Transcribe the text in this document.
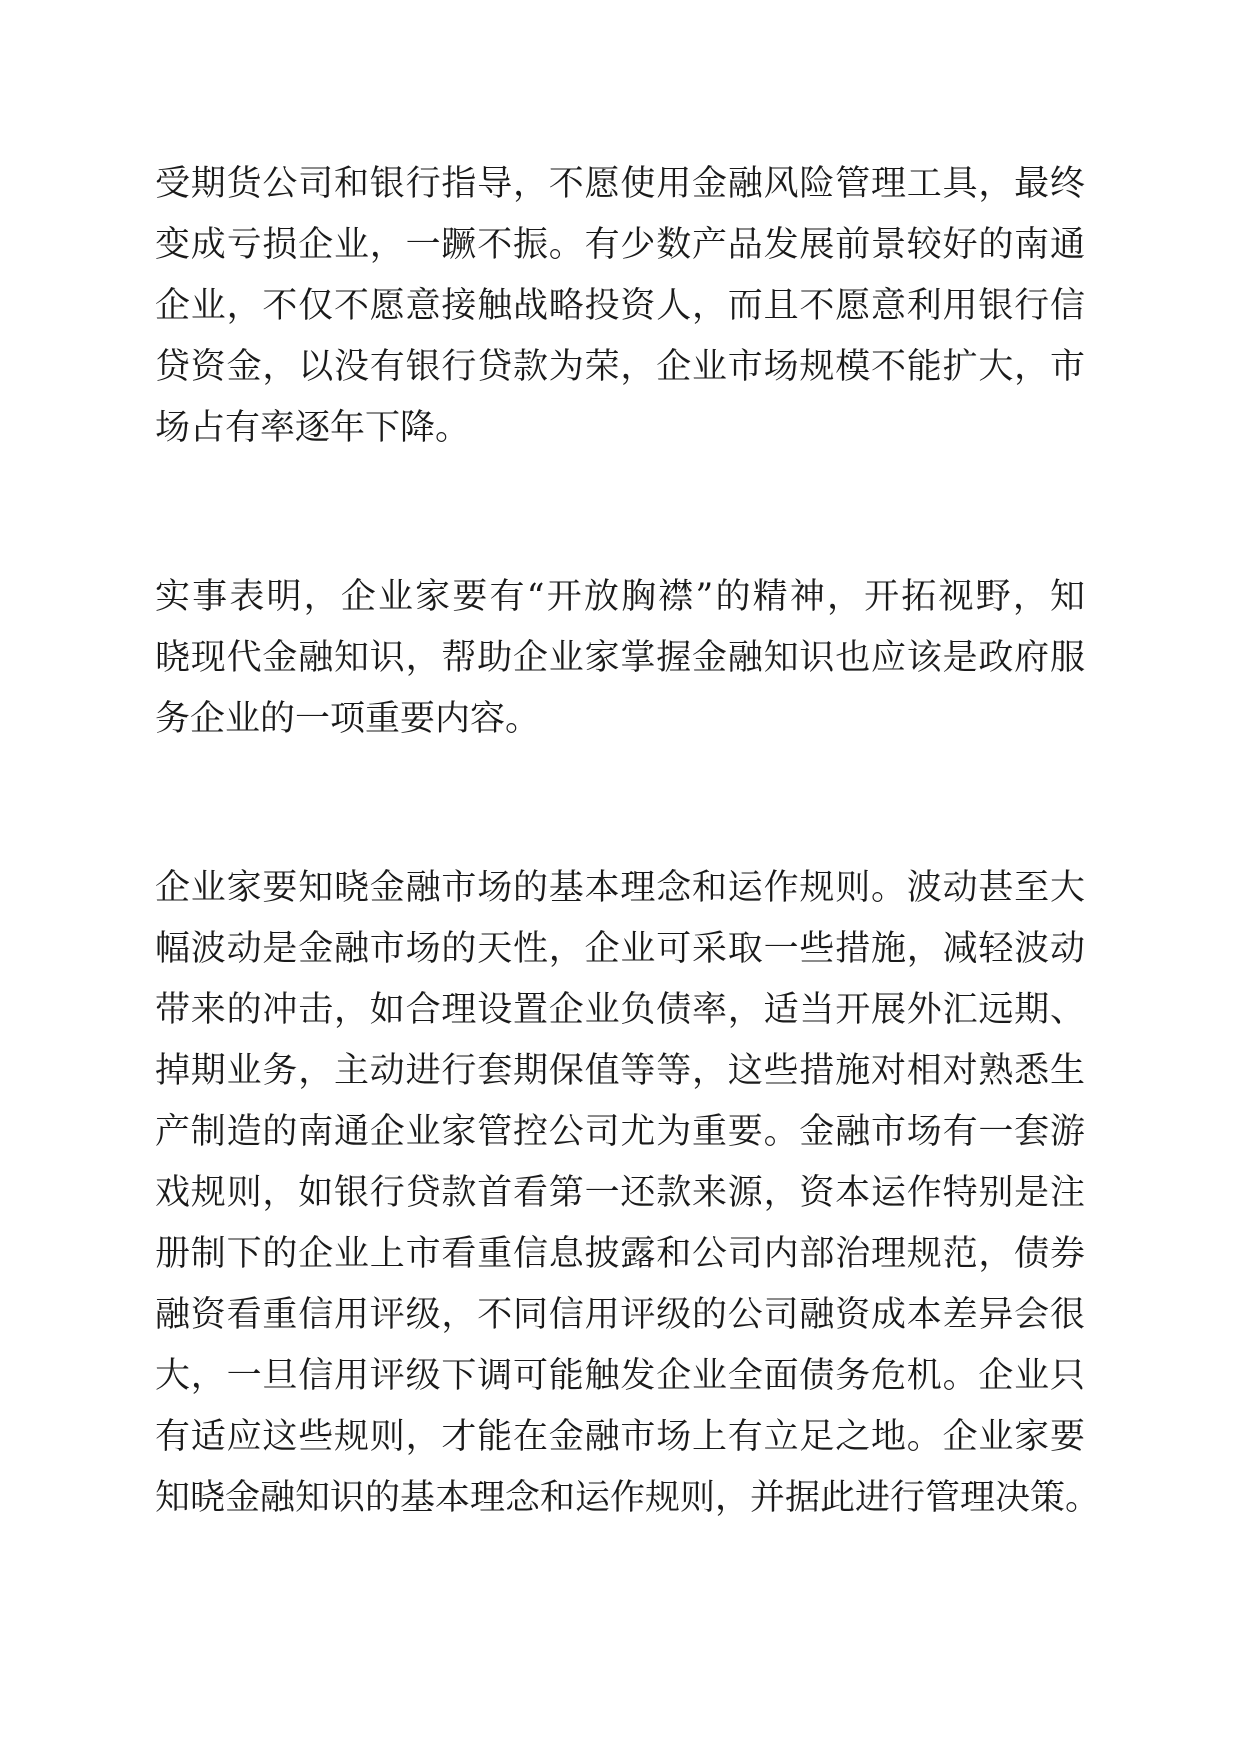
受期货公司和银行指导，不愿使用金融风险管理工具，最终
变成亏损企业，一蹶不振。有少数产品发展前景较好的南通
企业，不仅不愿意接触战略投资人，而且不愿意利用银行信
贷资金，以没有银行贷款为荣，企业市场规模不能扩大，市
场占有率逐年下降。
实事表明，企业家要有“开放胸襟”的精神，开拓视野，知
晓现代金融知识，帮助企业家掌握金融知识也应该是政府服
务企业的一项重要内容。
企业家要知晓金融市场的基本理念和运作规则。波动甚至大
幅波动是金融市场的天性，企业可采取一些措施，减轻波动
带来的冲击，如合理设置企业负债率，适当开展外汇远期、
掉期业务，主动进行套期保值等等，这些措施对相对熟悉生
产制造的南通企业家管控公司尤为重要。金融市场有一套游
戏规则，如银行贷款首看第一还款来源，资本运作特别是注
册制下的企业上市看重信息披露和公司内部治理规范，债券
融资看重信用评级，不同信用评级的公司融资成本差异会很
大，一旦信用评级下调可能触发企业全面债务危机。企业只
有适应这些规则，才能在金融市场上有立足之地。企业家要
知晓金融知识的基本理念和运作规则，并据此进行管理决策。
